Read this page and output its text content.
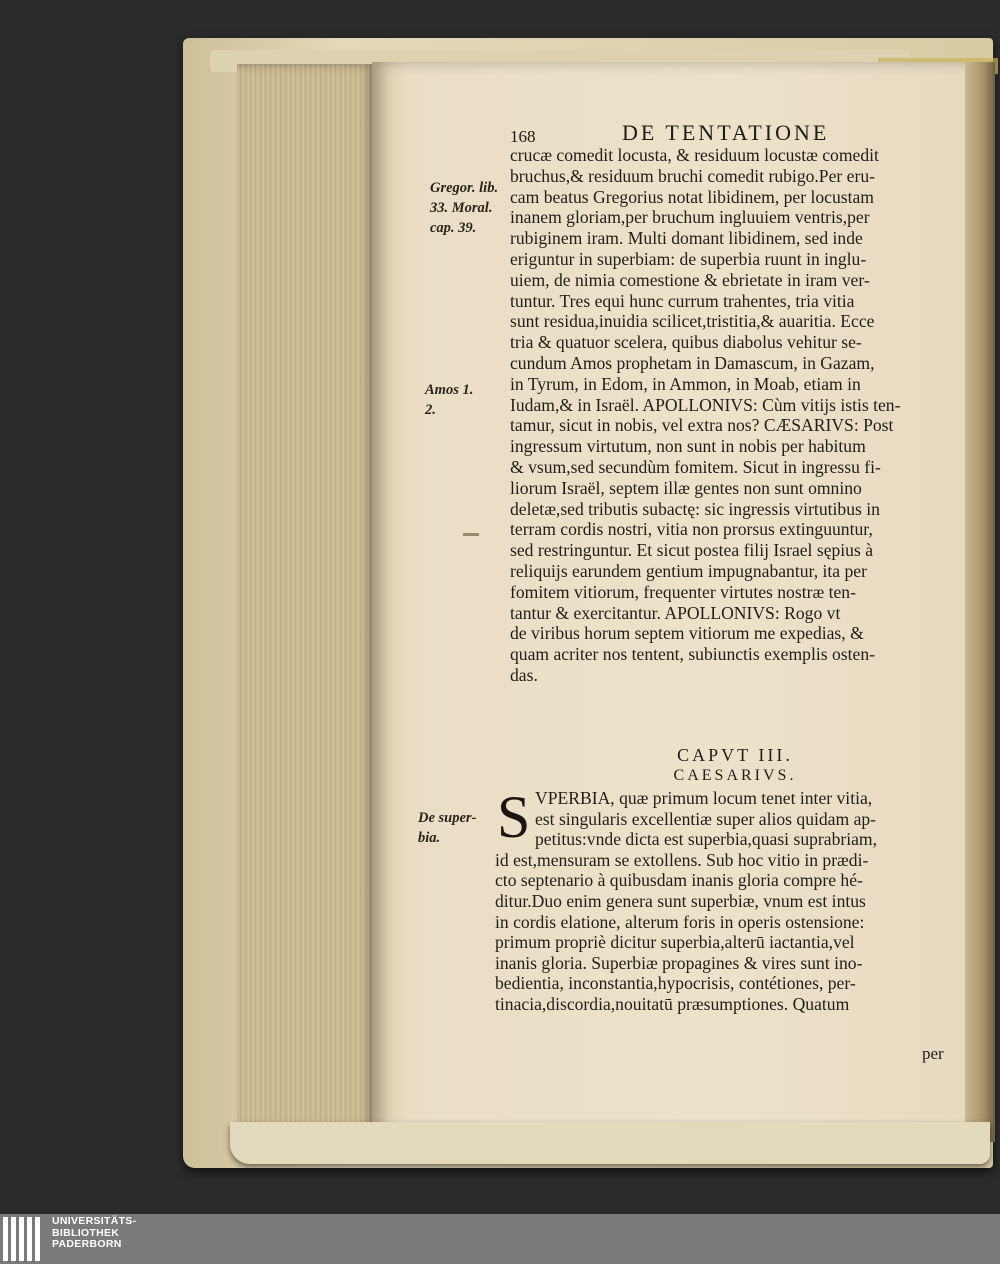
168	DE TENTATIONE
Gregor. lib. 33. Moral. cap. 39.
Amos 1. 2.
De super- bia.
crucæ comedit locusta, & residuum locustæ comedit
bruchus,& residuum bruchi comedit rubigo.Per eru-
cam beatus Gregorius notat libidinem, per locustam
inanem gloriam,per bruchum ingluuiem ventris,per
rubiginem iram. Multi domant libidinem, sed inde
eriguntur in superbiam: de superbia ruunt in inglu-
uiem, de nimia comestione & ebrietate in iram ver-
tuntur. Tres equi hunc currum trahentes, tria vitia
sunt residua,inuidia scilicet,tristitia,& auaritia. Ecce
tria & quatuor scelera, quibus diabolus vehitur se-
cundum Amos prophetam in Damascum, in Gazam,
in Tyrum, in Edom, in Ammon, in Moab, etiam in
Iudam,& in Israël. APOLLONIVS: Cùm vitijs istis ten-
tamur, sicut in nobis, vel extra nos? CÆSARIVS: Post
ingressum virtutum, non sunt in nobis per habitum
& vsum,sed secundùm fomitem. Sicut in ingressu fi-
liorum Israël, septem illæ gentes non sunt omnino
deletæ,sed tributis subactę: sic ingressis virtutibus in
terram cordis nostri, vitia non prorsus extinguuntur,
sed restringuntur. Et sicut postea filij Israel sępius à
reliquijs earundem gentium impugnabantur, ita per
fomitem vitiorum, frequenter virtutes nostræ ten-
tantur & exercitantur. APOLLONIVS: Rogo vt
de viribus horum septem vitiorum me expedias, &
quam acriter nos tentent, subiunctis exemplis osten-
das.
CAPVT III.
CAESARIVS.
S VPERBIA, quæ primum locum tenet inter vitia,
est singularis excellentiæ super alios quidam ap-
petitus:vnde dicta est superbia,quasi suprabriam,
id est,mensuram se extollens. Sub hoc vitio in prædi-
cto septenario à quibusdam inanis gloria compre hé-
ditur.Duo enim genera sunt superbiæ, vnum est intus
in cordis elatione, alterum foris in operis ostensione:
primum propriè dicitur superbia,alterū iactantia,vel
inanis gloria. Superbiæ propagines & vires sunt ino-
bedientia, inconstantia,hypocrisis, contétiones, per-
tinacia,discordia,nouitatū præsumptiones. Quatum
per
UNIVERSITÄTS-
BIBLIOTHEK
PADERBORN
